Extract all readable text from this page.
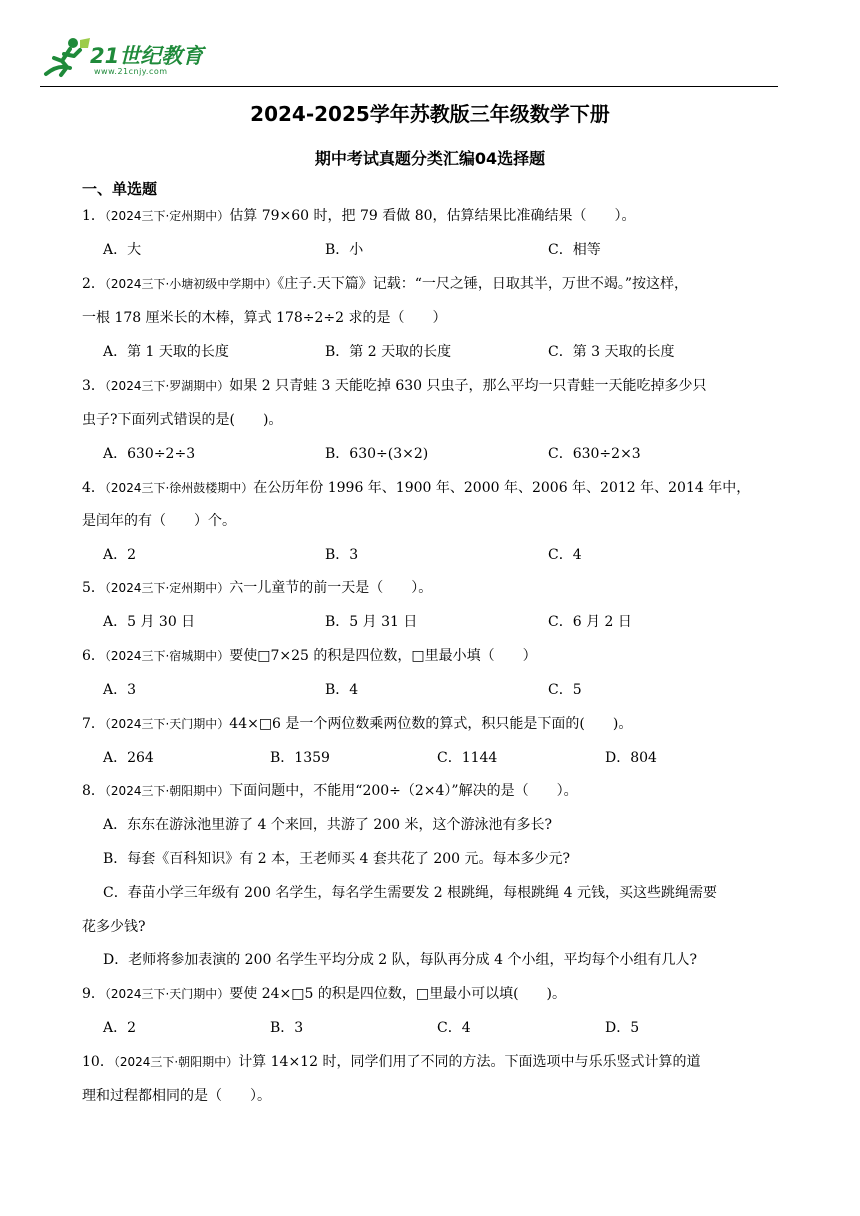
21世纪教育
www.21cnjy.com
2024-2025学年苏教版三年级数学下册
期中考试真题分类汇编04选择题
一、单选题
1．（2024三下·定州期中）估算 79×60 时，把 79 看做 80，估算结果比准确结果（　　）。
A．大	B．小	C．相等
2．（2024三下·小塘初级中学期中）《庄子.天下篇》记载：“一尺之锤，日取其半，万世不竭。”按这样，
一根 178 厘米长的木棒，算式 178÷2÷2 求的是（　　）
A．第 1 天取的长度	B．第 2 天取的长度	C．第 3 天取的长度
3．（2024三下·罗湖期中）如果 2 只青蛙 3 天能吃掉 630 只虫子，那么平均一只青蛙一天能吃掉多少只
虫子?下面列式错误的是(　　)。
A．630÷2÷3	B．630÷(3×2)	C．630÷2×3
4．（2024三下·徐州鼓楼期中）在公历年份 1996 年、1900 年、2000 年、2006 年、2012 年、2014 年中，
是闰年的有（　　）个。
A．2	B．3	C．4
5．（2024三下·定州期中）六一儿童节的前一天是（　　）。
A．5 月 30 日	B．5 月 31 日	C．6 月 2 日
6．（2024三下·宿城期中）要使□7×25 的积是四位数，□里最小填（　　）
A．3	B．4	C．5
7．（2024三下·天门期中）44×□6 是一个两位数乘两位数的算式，积只能是下面的(　　)。
A．264	B．1359	C．1144	D．804
8．（2024三下·朝阳期中）下面问题中，不能用“200÷（2×4）”解决的是（　　）。
A．东东在游泳池里游了 4 个来回，共游了 200 米，这个游泳池有多长?
B．每套《百科知识》有 2 本，王老师买 4 套共花了 200 元。每本多少元?
C．春苗小学三年级有 200 名学生，每名学生需要发 2 根跳绳，每根跳绳 4 元钱，买这些跳绳需要
花多少钱?
D．老师将参加表演的 200 名学生平均分成 2 队，每队再分成 4 个小组，平均每个小组有几人?
9．（2024三下·天门期中）要使 24×□5 的积是四位数，□里最小可以填(　　)。
A．2	B．3	C．4	D．5
10．（2024三下·朝阳期中）计算 14×12 时，同学们用了不同的方法。下面选项中与乐乐竖式计算的道
理和过程都相同的是（　　）。
